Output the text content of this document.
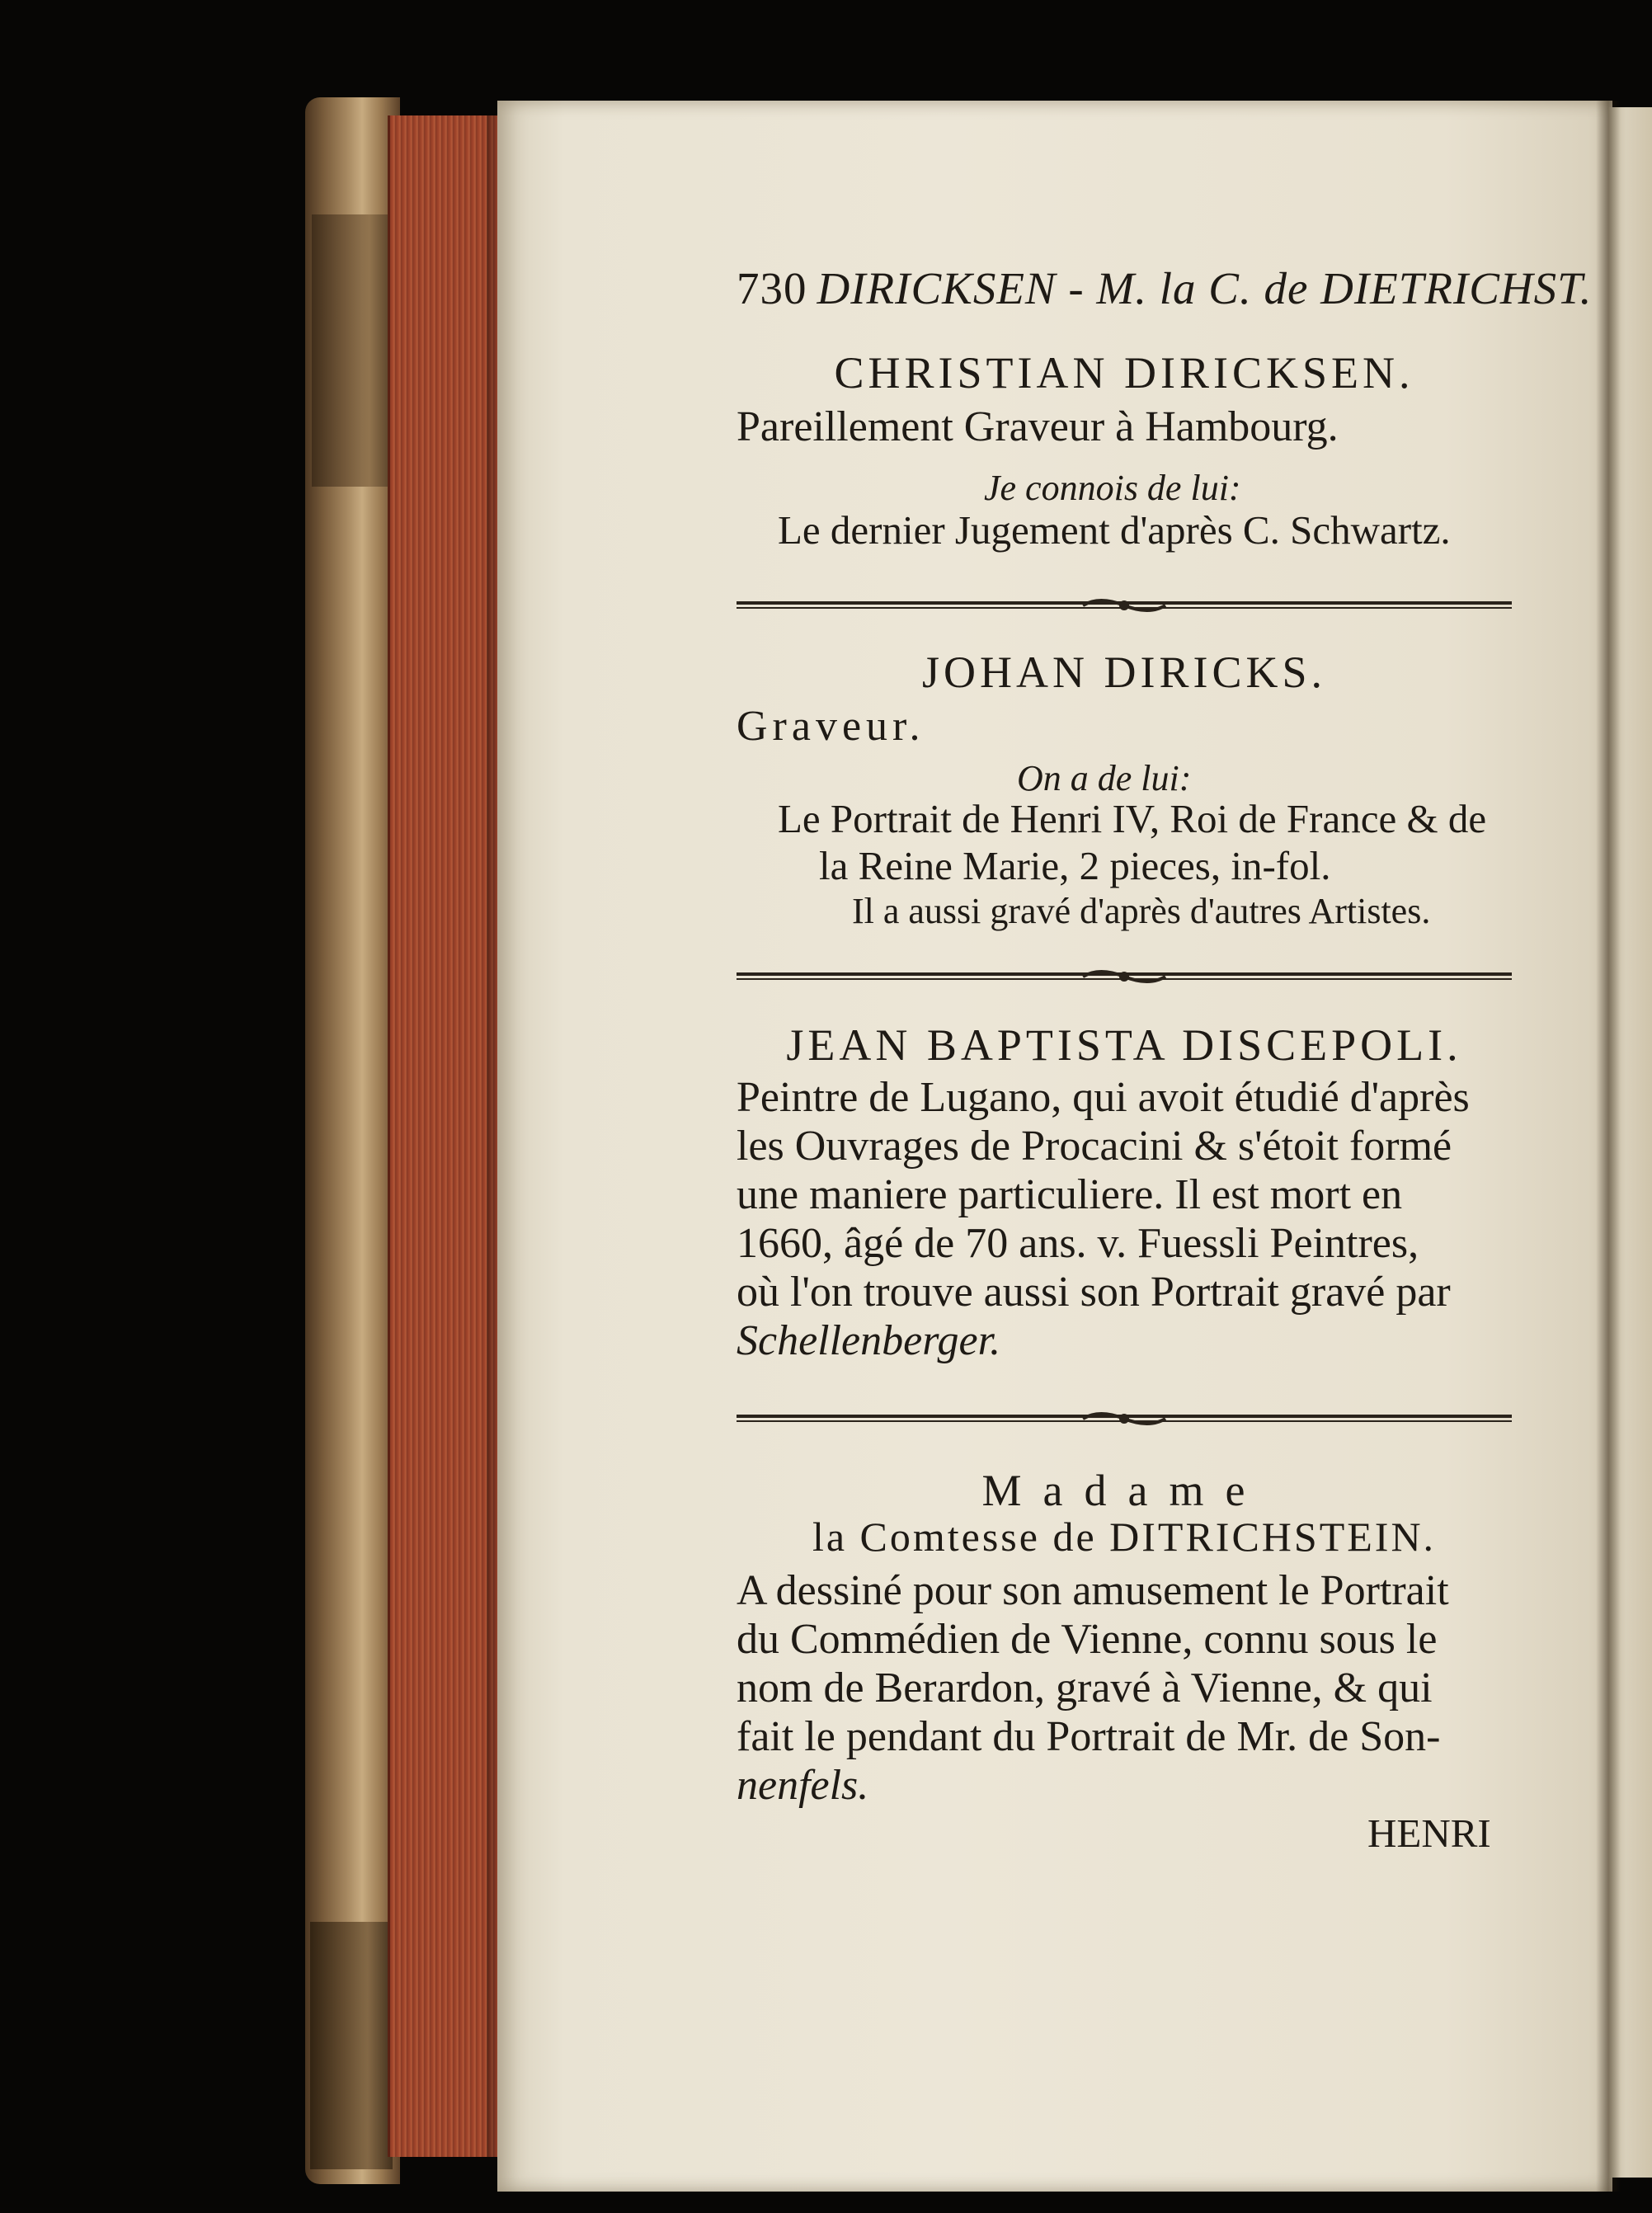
730 DIRICKSEN - M. la C. de DIETRICHST.
CHRISTIAN DIRICKSEN.
Pareillement Graveur à Hambourg.
Je connois de lui:
Le dernier Jugement d'après C. Schwartz.
JOHAN DIRICKS.
Graveur.
On a de lui:
Le Portrait de Henri IV, Roi de France & de
la Reine Marie, 2 pieces, in-fol.
Il a aussi gravé d'après d'autres Artistes.
JEAN BAPTISTA DISCEPOLI.
Peintre de Lugano, qui avoit étudié d'après
les Ouvrages de Procacini & s'étoit formé
une maniere particuliere. Il est mort en
1660, âgé de 70 ans. v. Fuessli Peintres,
où l'on trouve aussi son Portrait gravé par
Schellenberger.
Madame
la Comtesse de DITRICHSTEIN.
A dessiné pour son amusement le Portrait
du Commédien de Vienne, connu sous le
nom de Berardon, gravé à Vienne, & qui
fait le pendant du Portrait de Mr. de Son-
nenfels.
HENRI
